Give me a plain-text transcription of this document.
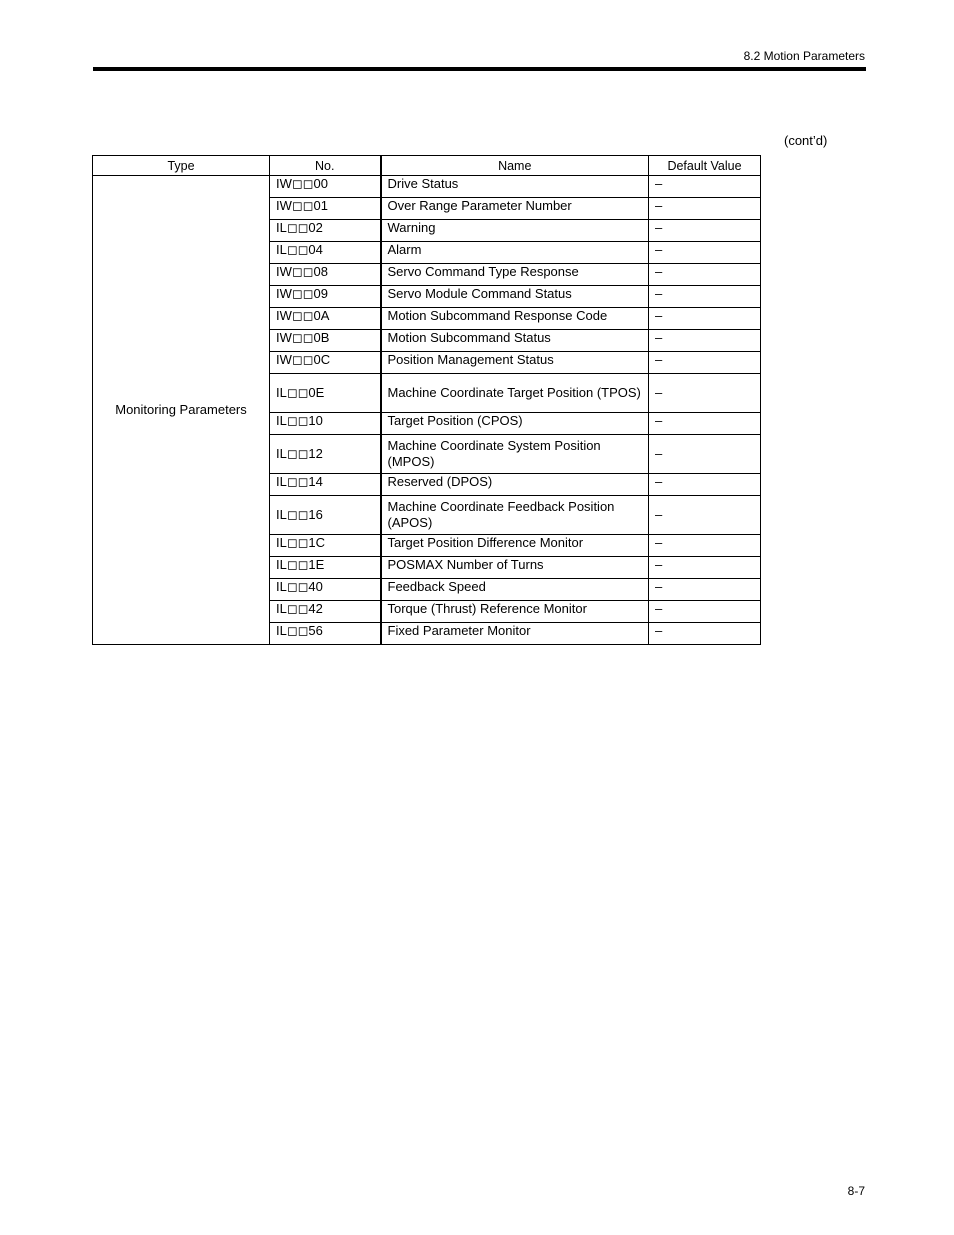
8.2 Motion Parameters
(cont’d)
Type	No.	Name	Default Value
Monitoring Parameters	IW◻◻00	Drive Status	–
	IW◻◻01	Over Range Parameter Number	–
	IL◻◻02	Warning	–
	IL◻◻04	Alarm	–
	IW◻◻08	Servo Command Type Response	–
	IW◻◻09	Servo Module Command Status	–
	IW◻◻0A	Motion Subcommand Response Code	–
	IW◻◻0B	Motion Subcommand Status	–
	IW◻◻0C	Position Management Status	–
	IL◻◻0E	Machine Coordinate Target Position (TPOS)	–
	IL◻◻10	Target Position (CPOS)	–
	IL◻◻12	Machine Coordinate System Position (MPOS)	–
	IL◻◻14	Reserved (DPOS)	–
	IL◻◻16	Machine Coordinate Feedback Position (APOS)	–
	IL◻◻1C	Target Position Difference Monitor	–
	IL◻◻1E	POSMAX Number of Turns	–
	IL◻◻40	Feedback Speed	–
	IL◻◻42	Torque (Thrust) Reference Monitor	–
	IL◻◻56	Fixed Parameter Monitor	–
8-7
